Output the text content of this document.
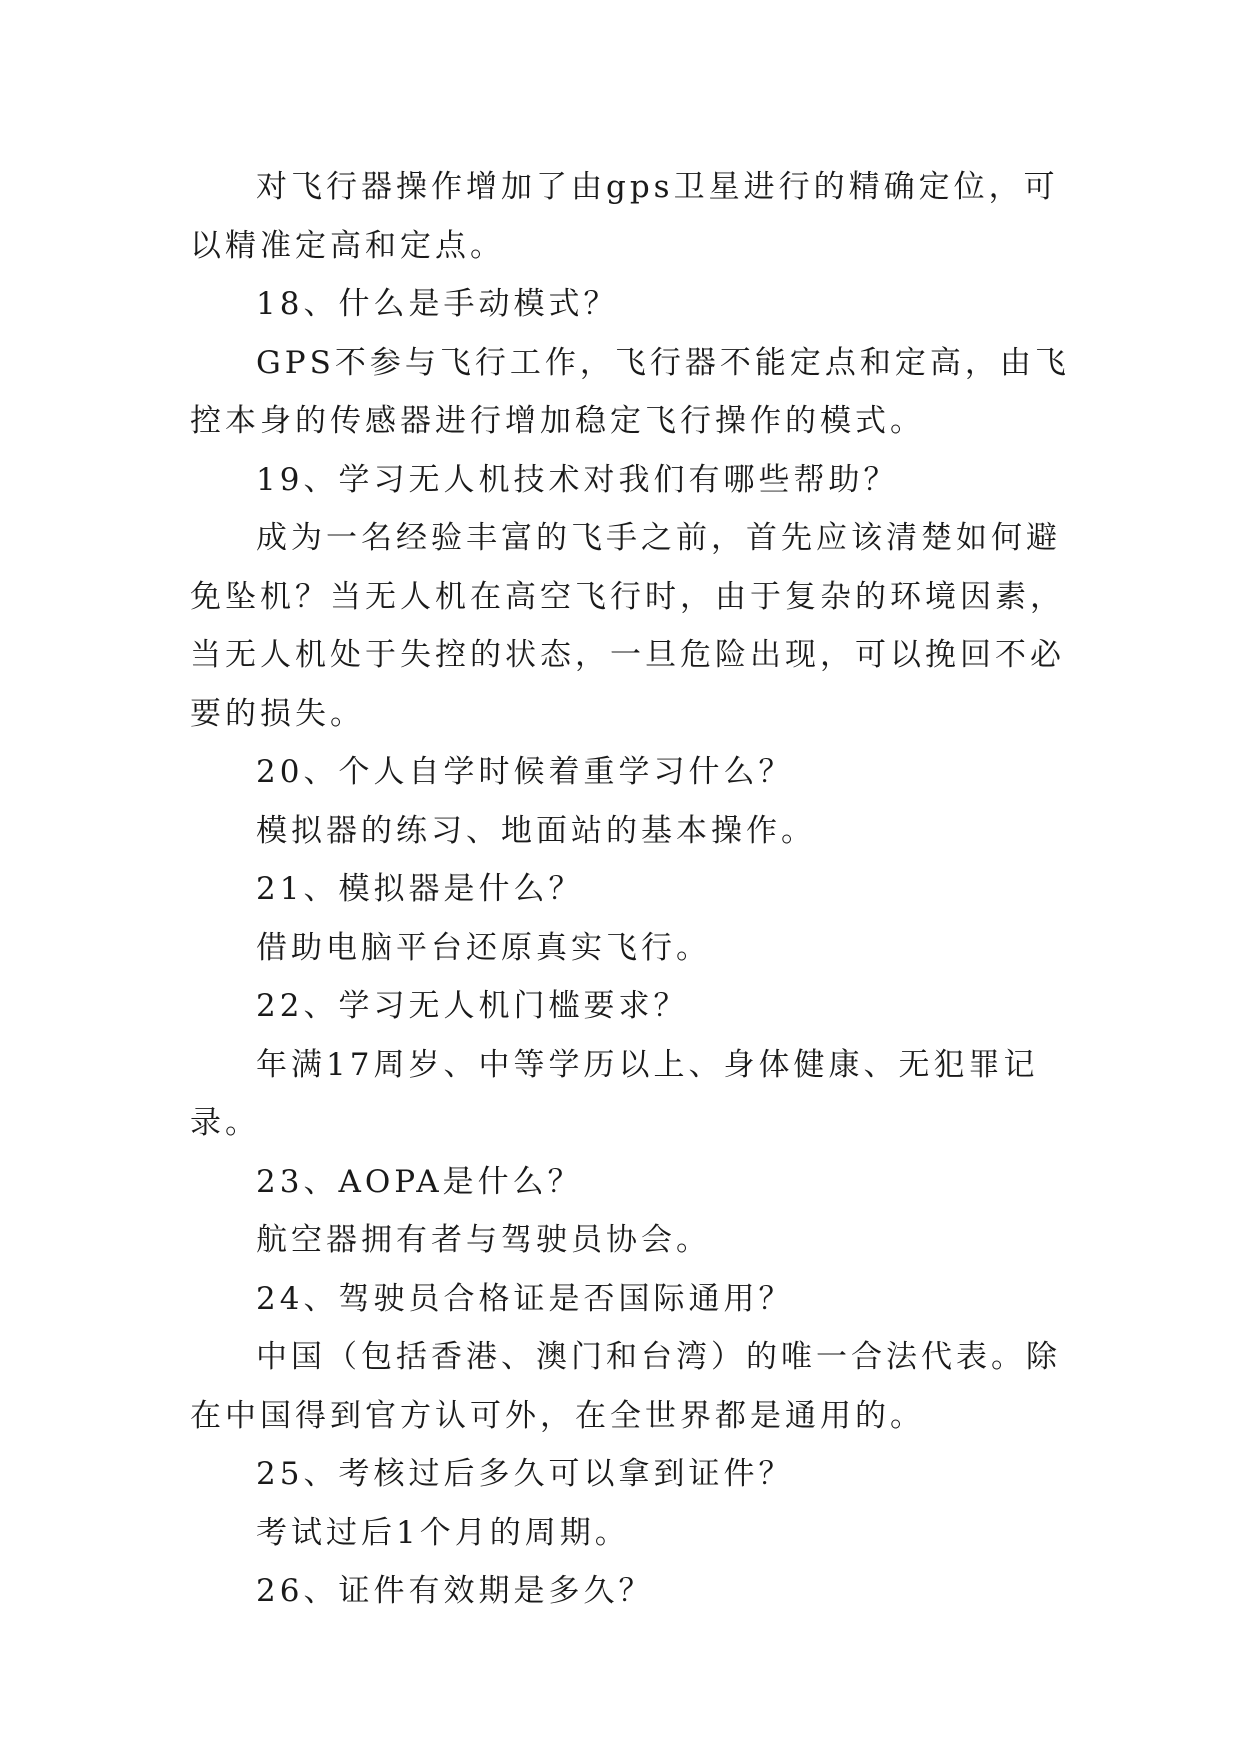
对飞行器操作增加了由gps卫星进行的精确定位，可以精准定高和定点。

18、什么是手动模式？

GPS不参与飞行工作，飞行器不能定点和定高，由飞控本身的传感器进行增加稳定飞行操作的模式。

19、学习无人机技术对我们有哪些帮助？

成为一名经验丰富的飞手之前，首先应该清楚如何避免坠机？当无人机在高空飞行时，由于复杂的环境因素，当无人机处于失控的状态，一旦危险出现，可以挽回不必要的损失。

20、个人自学时候着重学习什么？

模拟器的练习、地面站的基本操作。

21、模拟器是什么？

借助电脑平台还原真实飞行。

22、学习无人机门槛要求？

年满17周岁、中等学历以上、身体健康、无犯罪记录。

23、AOPA是什么？

航空器拥有者与驾驶员协会。

24、驾驶员合格证是否国际通用？

中国（包括香港、澳门和台湾）的唯一合法代表。除在中国得到官方认可外，在全世界都是通用的。

25、考核过后多久可以拿到证件？

考试过后1个月的周期。

26、证件有效期是多久？
